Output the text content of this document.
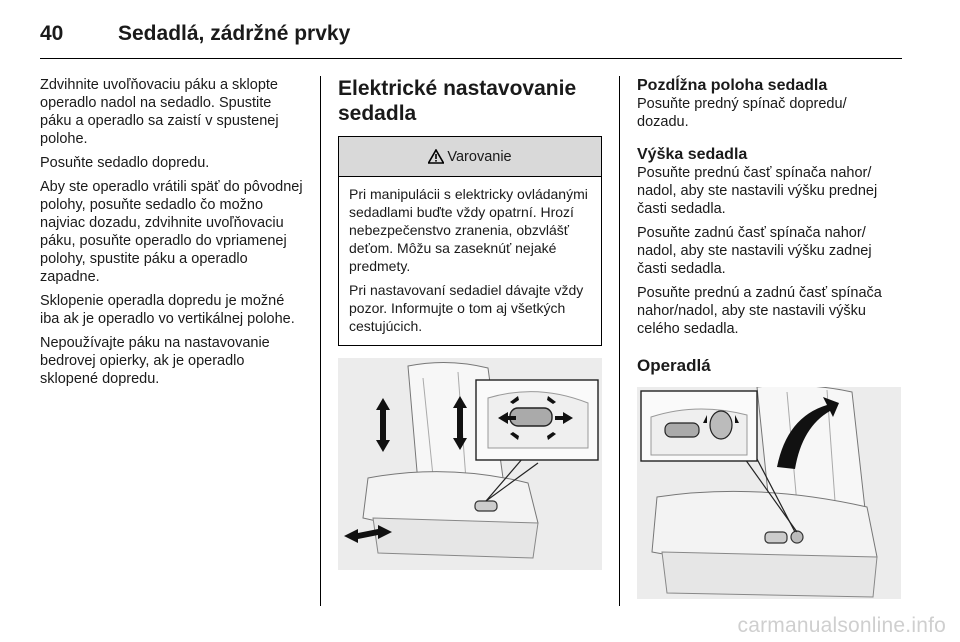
40	Sedadlá, zádržné prvky

Zdvihnite uvoľňovaciu páku a sklopte operadlo nadol na sedadlo. Spustite páku a operadlo sa zaistí v spustenej polohe.

Posuňte sedadlo dopredu.

Aby ste operadlo vrátili späť do pôvodnej polohy, posuňte sedadlo čo možno najviac dozadu, zdvihnite uvoľňovaciu páku, posuňte operadlo do vpriamenej polohy, spustite páku a operadlo zapadne.

Sklopenie operadla dopredu je možné iba ak je operadlo vo vertikálnej polohe.

Nepoužívajte páku na nastavovanie bedrovej opierky, ak je operadlo sklopené dopredu.

Elektrické nastavovanie sedadla
Varovanie

Pri manipulácii s elektricky ovládanými sedadlami buďte vždy opatrní. Hrozí nebezpečenstvo zranenia, obzvlášť deťom. Môžu sa zaseknúť nejaké predmety.

Pri nastavovaní sedadiel dávajte vždy pozor. Informujte o tom aj všetkých cestujúcich.

Pozdĺžna poloha sedadla

Posuňte predný spínač dopredu/ dozadu.

Výška sedadla

Posuňte prednú časť spínača nahor/ nadol, aby ste nastavili výšku prednej časti sedadla.

Posuňte zadnú časť spínača nahor/ nadol, aby ste nastavili výšku zadnej časti sedadla.

Posuňte prednú a zadnú časť spínača nahor/nadol, aby ste nastavili výšku celého sedadla.

Operadlá
carmanualsonline.info
